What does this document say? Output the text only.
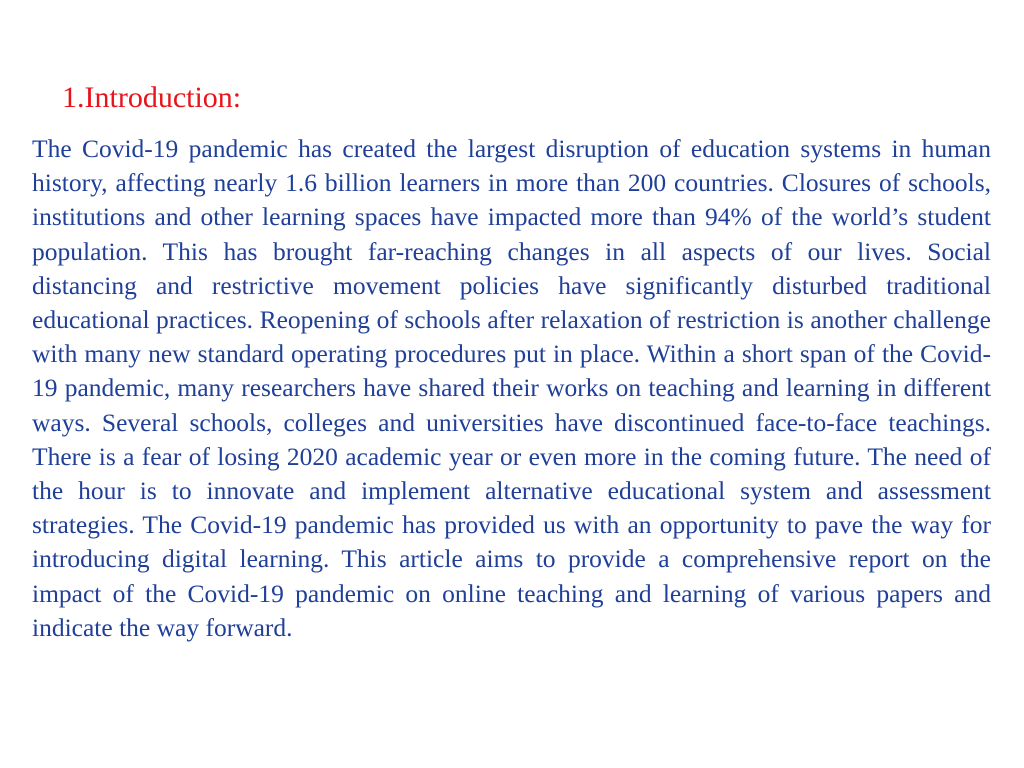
1.Introduction:

The Covid-19 pandemic has created the largest disruption of education systems in human history, affecting nearly 1.6 billion learners in more than 200 countries. Closures of schools, institutions and other learning spaces have impacted more than 94% of the world’s student population. This has brought far-reaching changes in all aspects of our lives. Social distancing and restrictive movement policies have significantly disturbed traditional educational practices. Reopening of schools after relaxation of restriction is another challenge with many new standard operating procedures put in place. Within a short span of the Covid-19 pandemic, many researchers have shared their works on teaching and learning in different ways. Several schools, colleges and universities have discontinued face-to-face teachings. There is a fear of losing 2020 academic year or even more in the coming future. The need of the hour is to innovate and implement alternative educational system and assessment strategies. The Covid-19 pandemic has provided us with an opportunity to pave the way for introducing digital learning. This article aims to provide a comprehensive report on the impact of the Covid-19 pandemic on online teaching and learning of various papers and indicate the way forward.
